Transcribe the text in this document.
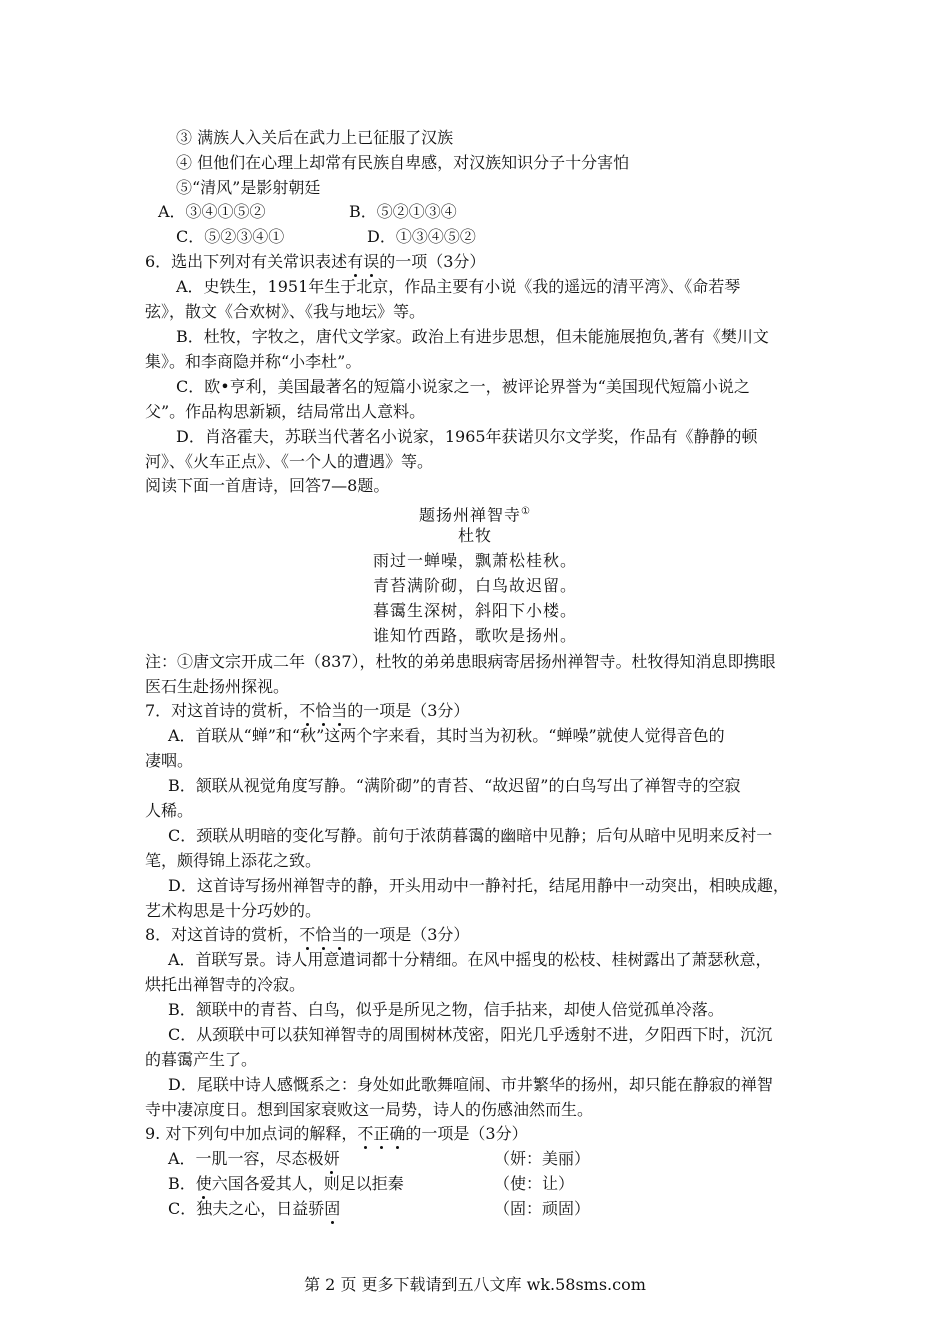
③ 满族人入关后在武力上已征服了汉族
④ 但他们在心理上却常有民族自卑感，对汉族知识分子十分害怕
⑤“清风”是影射朝廷
A．③④①⑤②	B．⑤②①③④
C．⑤②③④①	D．①③④⑤②
6．选出下列对有关常识表述有误的一项（3分）
A．史铁生，1951年生于北京，作品主要有小说《我的遥远的清平湾》、《命若琴
弦》，散文《合欢树》、《我与地坛》等。
B．杜牧，字牧之，唐代文学家。政治上有进步思想，但未能施展抱负,著有《樊川文
集》。和李商隐并称“小李杜”。
C．欧•亨利，美国最著名的短篇小说家之一，被评论界誉为“美国现代短篇小说之
父”。作品构思新颖，结局常出人意料。
D．肖洛霍夫，苏联当代著名小说家，1965年获诺贝尔文学奖，作品有《静静的顿
河》、《火车正点》、《一个人的遭遇》等。
阅读下面一首唐诗，回答7—8题。
题扬州禅智寺①
杜牧
雨过一蝉噪，飘萧松桂秋。
青苔满阶砌，白鸟故迟留。
暮霭生深树，斜阳下小楼。
谁知竹西路，歌吹是扬州。
注：①唐文宗开成二年（837），杜牧的弟弟患眼病寄居扬州禅智寺。杜牧得知消息即携眼
医石生赴扬州探视。
7．对这首诗的赏析，不恰当的一项是（3分）
A．首联从“蝉”和“秋”这两个字来看，其时当为初秋。“蝉噪”就使人觉得音色的
凄咽。
B．颔联从视觉角度写静。“满阶砌”的青苔、“故迟留”的白鸟写出了禅智寺的空寂
人稀。
C．颈联从明暗的变化写静。前句于浓荫暮霭的幽暗中见静；后句从暗中见明来反衬一
笔，颇得锦上添花之致。
D．这首诗写扬州禅智寺的静，开头用动中一静衬托，结尾用静中一动突出，相映成趣，
艺术构思是十分巧妙的。
8．对这首诗的赏析，不恰当的一项是（3分）
A．首联写景。诗人用意遣词都十分精细。在风中摇曳的松枝、桂树露出了萧瑟秋意，
烘托出禅智寺的冷寂。
B．颔联中的青苔、白鸟，似乎是所见之物，信手拈来，却使人倍觉孤单冷落。
C．从颈联中可以获知禅智寺的周围树林茂密，阳光几乎透射不进，夕阳西下时，沉沉
的暮霭产生了。
D．尾联中诗人感慨系之：身处如此歌舞喧闹、市井繁华的扬州，却只能在静寂的禅智
寺中凄凉度日。想到国家衰败这一局势，诗人的伤感油然而生。
9. 对下列句中加点词的解释，不正确的一项是（3分）
A．一肌一容，尽态极妍	（妍：美丽）
B．使六国各爱其人，则足以拒秦	（使：让）
C．独夫之心，日益骄固	（固：顽固）
第 2 页 更多下载请到五八文库 wk.58sms.com
